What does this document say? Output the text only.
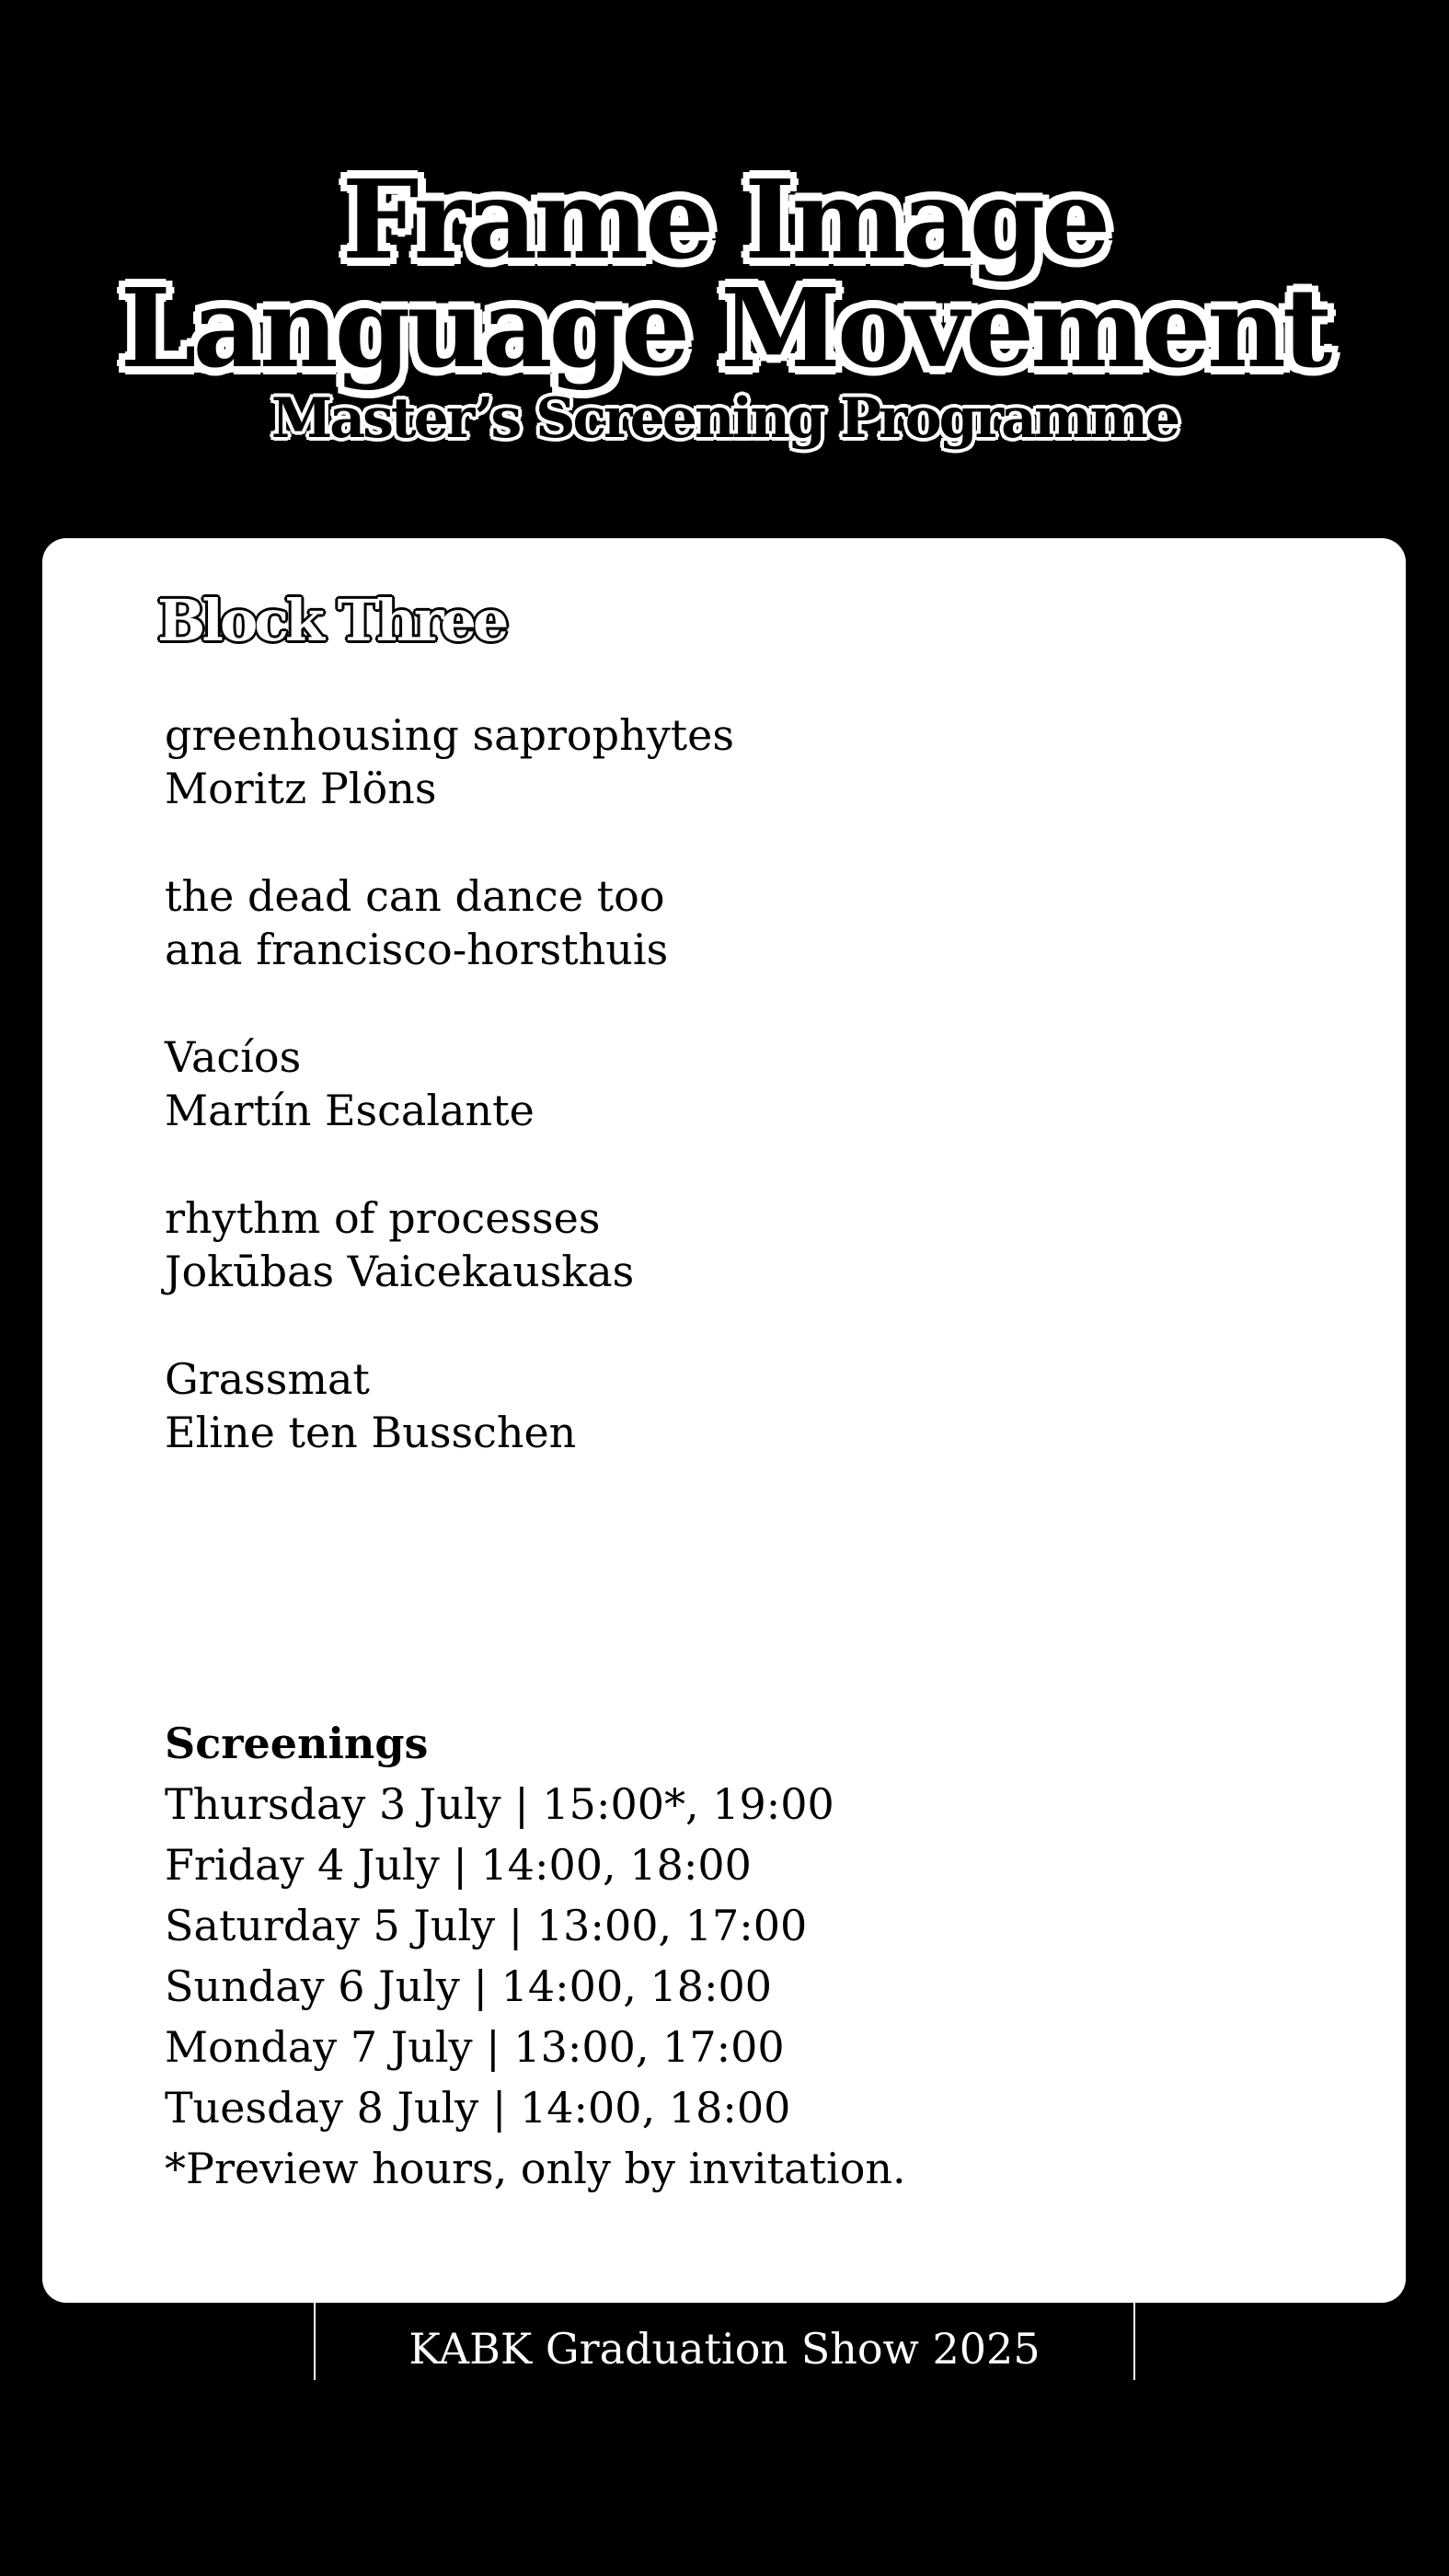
Frame Image
Language Movement
Master’s Screening Programme
Block Three
greenhousing saprophytes
Moritz Plöns
the dead can dance too
ana francisco-horsthuis
Vacíos
Martín Escalante
rhythm of processes
Jokūbas Vaicekauskas
Grassmat
Eline ten Busschen
Screenings
Thursday 3 July | 15:00*, 19:00
Friday 4 July | 14:00, 18:00
Saturday 5 July | 13:00, 17:00
Sunday 6 July | 14:00, 18:00
Monday 7 July | 13:00, 17:00
Tuesday 8 July | 14:00, 18:00
*Preview hours, only by invitation.
KABK Graduation Show 2025
